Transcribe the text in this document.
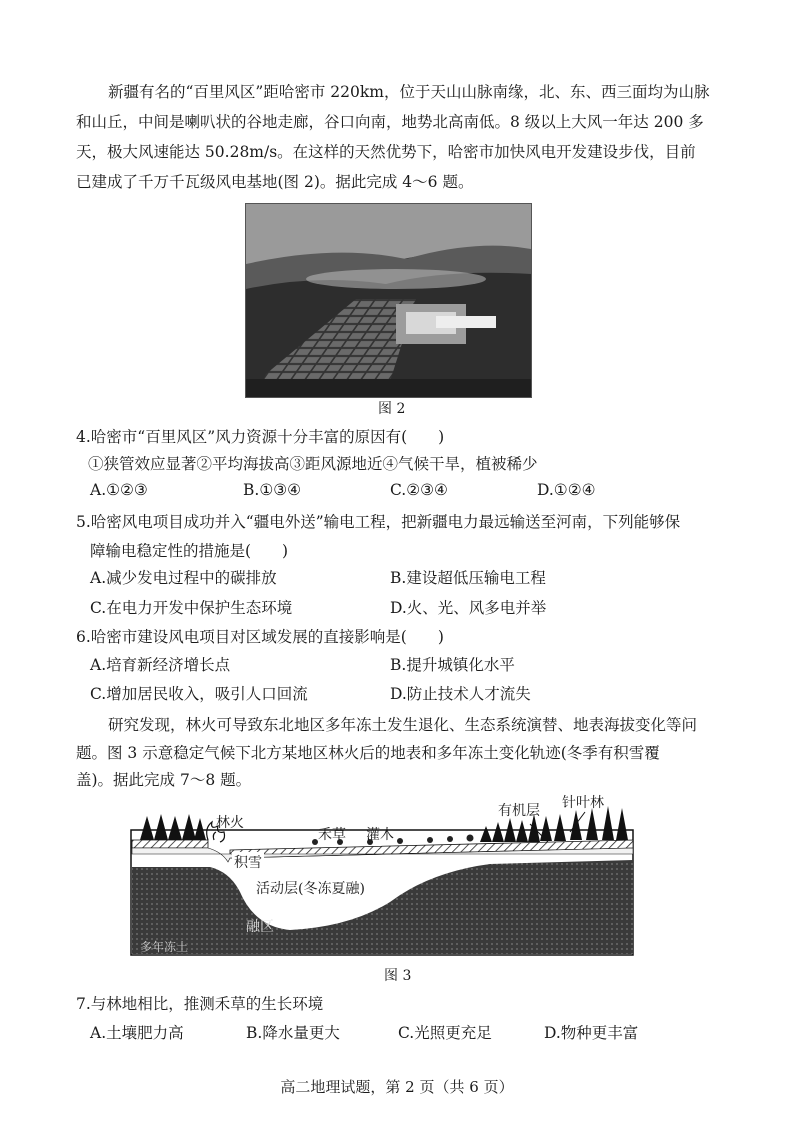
新疆有名的“百里风区”距哈密市 220km，位于天山山脉南缘，北、东、西三面均为山脉
和山丘，中间是喇叭状的谷地走廊，谷口向南，地势北高南低。8 级以上大风一年达 200 多
天，极大风速能达 50.28m/s。在这样的天然优势下，哈密市加快风电开发建设步伐，目前
已建成了千万千瓦级风电基地(图 2)。据此完成 4～6 题。
图 2
4.哈密市“百里风区”风力资源十分丰富的原因有(　　)
①狭管效应显著②平均海拔高③距风源地近④气候干旱，植被稀少
A.①②③	B.①③④	C.②③④	D.①②④
5.哈密风电项目成功并入“疆电外送”输电工程，把新疆电力最远输送至河南，下列能够保
障输电稳定性的措施是(　　)
A.减少发电过程中的碳排放	B.建设超低压输电工程
C.在电力开发中保护生态环境	D.火、光、风多电并举
6.哈密市建设风电项目对区域发展的直接影响是(　　)
A.培育新经济增长点	B.提升城镇化水平
C.增加居民收入，吸引人口回流	D.防止技术人才流失
研究发现，林火可导致东北地区多年冻土发生退化、生态系统演替、地表海拔变化等问
题。图 3 示意稳定气候下北方某地区林火后的地表和多年冻土变化轨迹(冬季有积雪覆
盖)。据此完成 7～8 题。
林火
禾草 灌木
有机层 针叶林
积雪
活动层(冬冻夏融)
融区
多年冻土
图 3
7.与林地相比，推测禾草的生长环境
A.土壤肥力高	B.降水量更大	C.光照更充足	D.物种更丰富
高二地理试题，第 2 页（共 6 页）
